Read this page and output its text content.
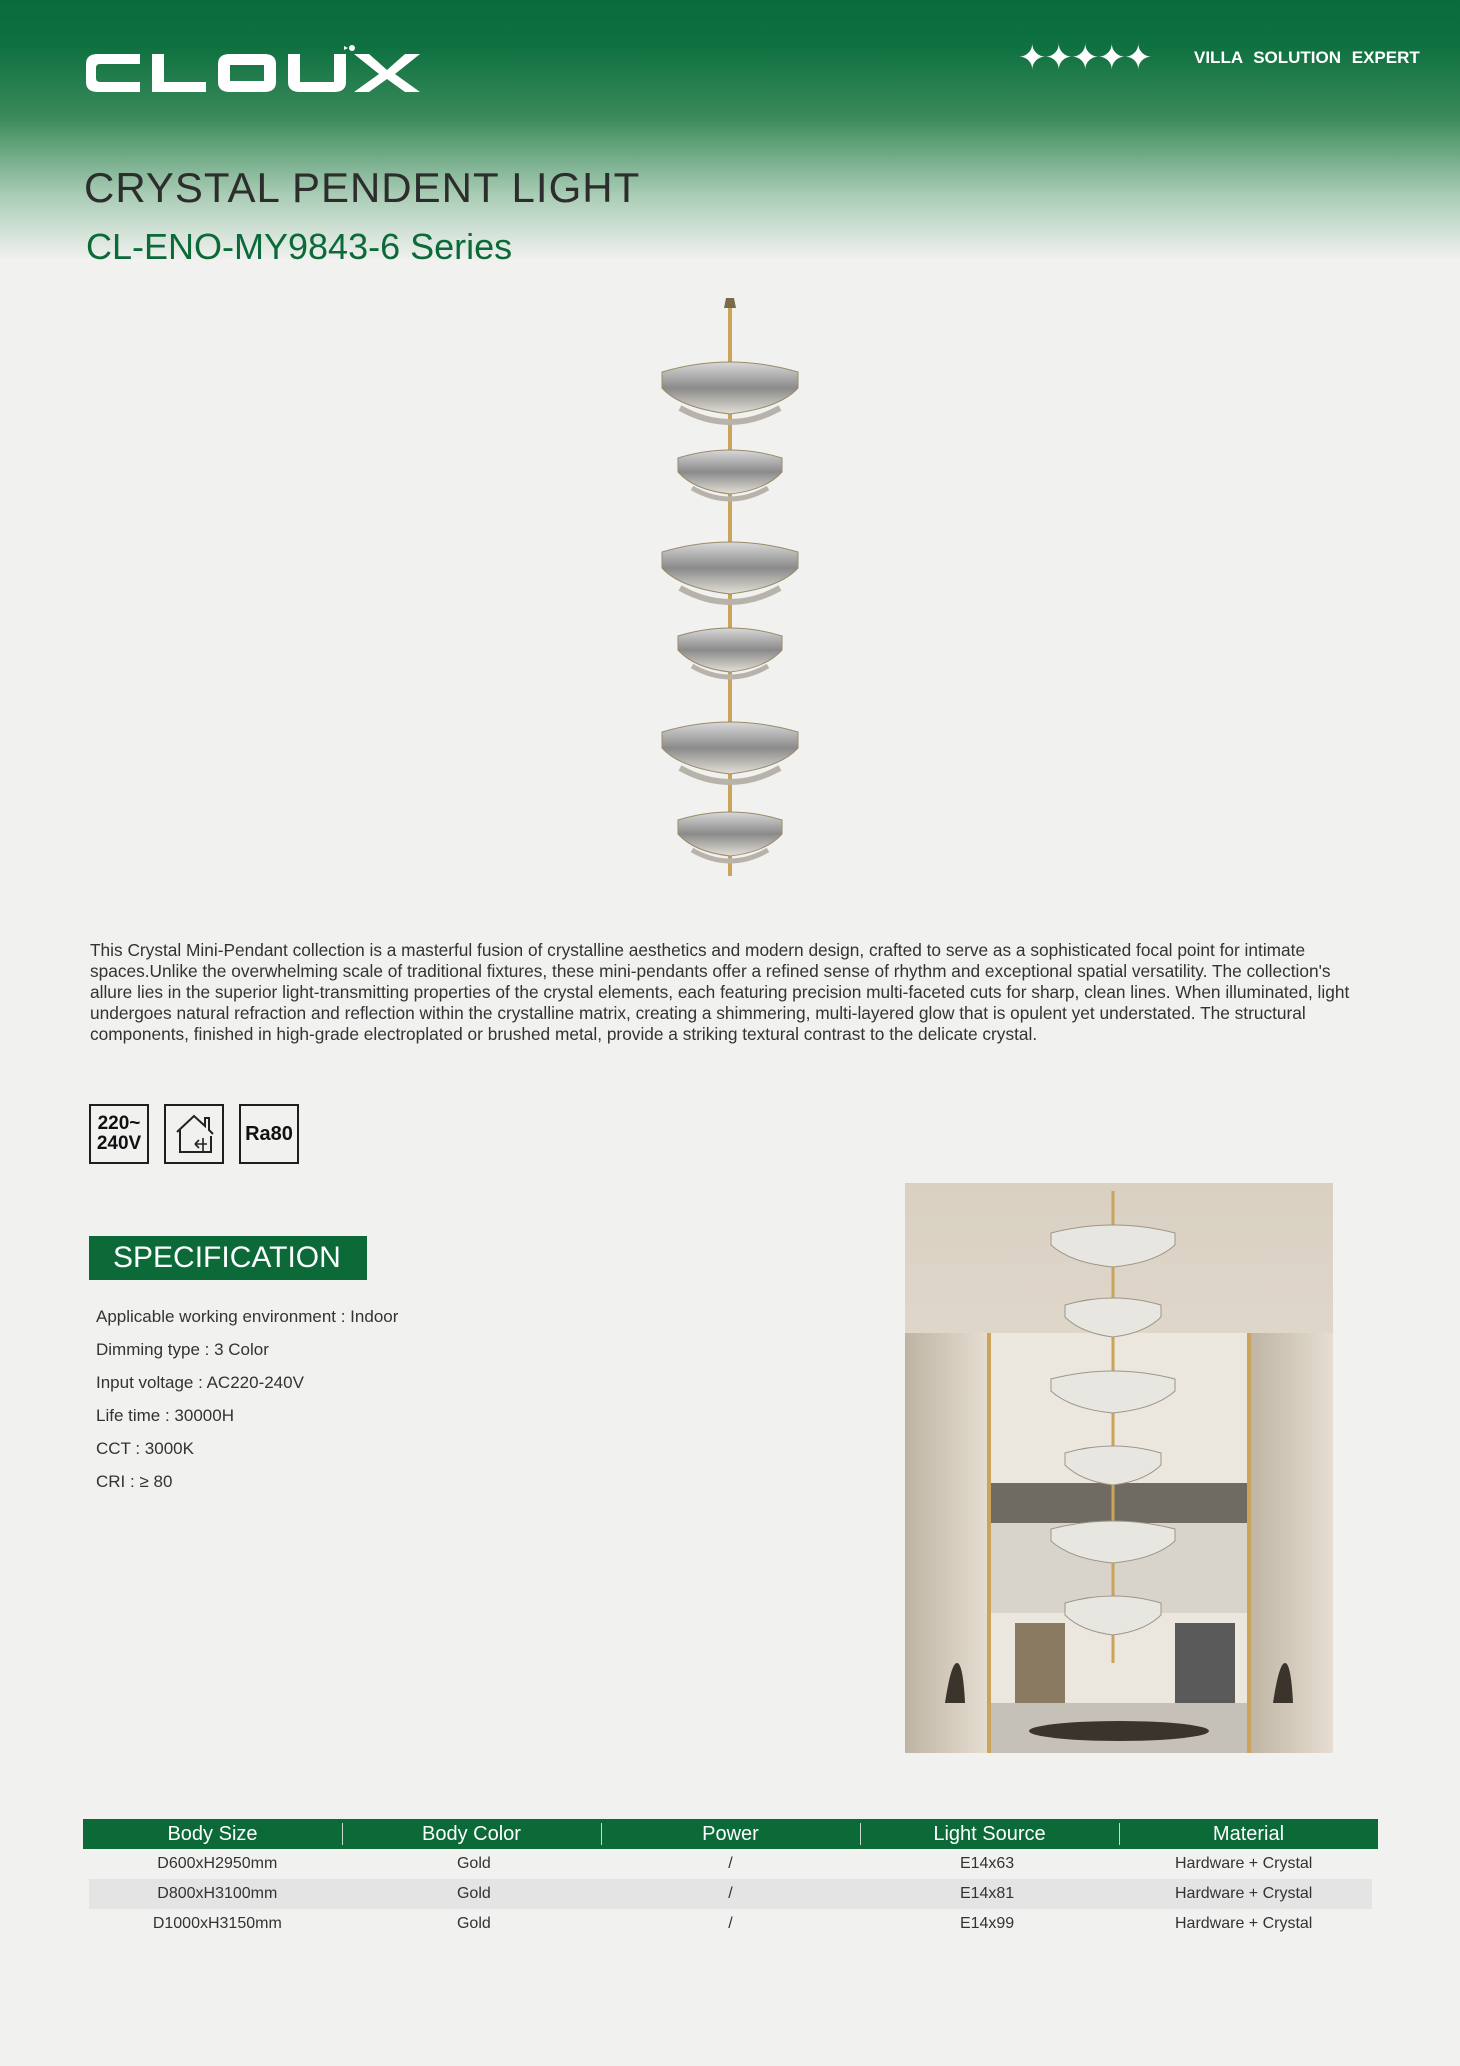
✦✦✦✦✦	VILLA SOLUTION EXPERT
CRYSTAL PENDENT LIGHT
CL-ENO-MY9843-6 Series
This Crystal Mini-Pendant collection is a masterful fusion of crystalline aesthetics and modern design, crafted to serve as a sophisticated focal point for intimate spaces.Unlike the overwhelming scale of traditional fixtures, these mini-pendants offer a refined sense of rhythm and exceptional spatial versatility. The collection's allure lies in the superior light-transmitting properties of the crystal elements, each featuring precision multi-faceted cuts for sharp, clean lines. When illuminated, light undergoes natural refraction and reflection within the crystalline matrix, creating a shimmering, multi-layered glow that is opulent yet understated. The structural components, finished in high-grade electroplated or brushed metal, provide a striking textural contrast to the delicate crystal.
220~
240V	Ra80
SPECIFICATION
Applicable working environment : Indoor
Dimming type : 3 Color
Input voltage : AC220-240V
Life time : 30000H
CCT : 3000K
CRI : ≥ 80
Body Size	Body Color	Power	Light Source	Material
D600xH2950mm	Gold	/	E14x63	Hardware + Crystal
D800xH3100mm	Gold	/	E14x81	Hardware + Crystal
D1000xH3150mm	Gold	/	E14x99	Hardware + Crystal
